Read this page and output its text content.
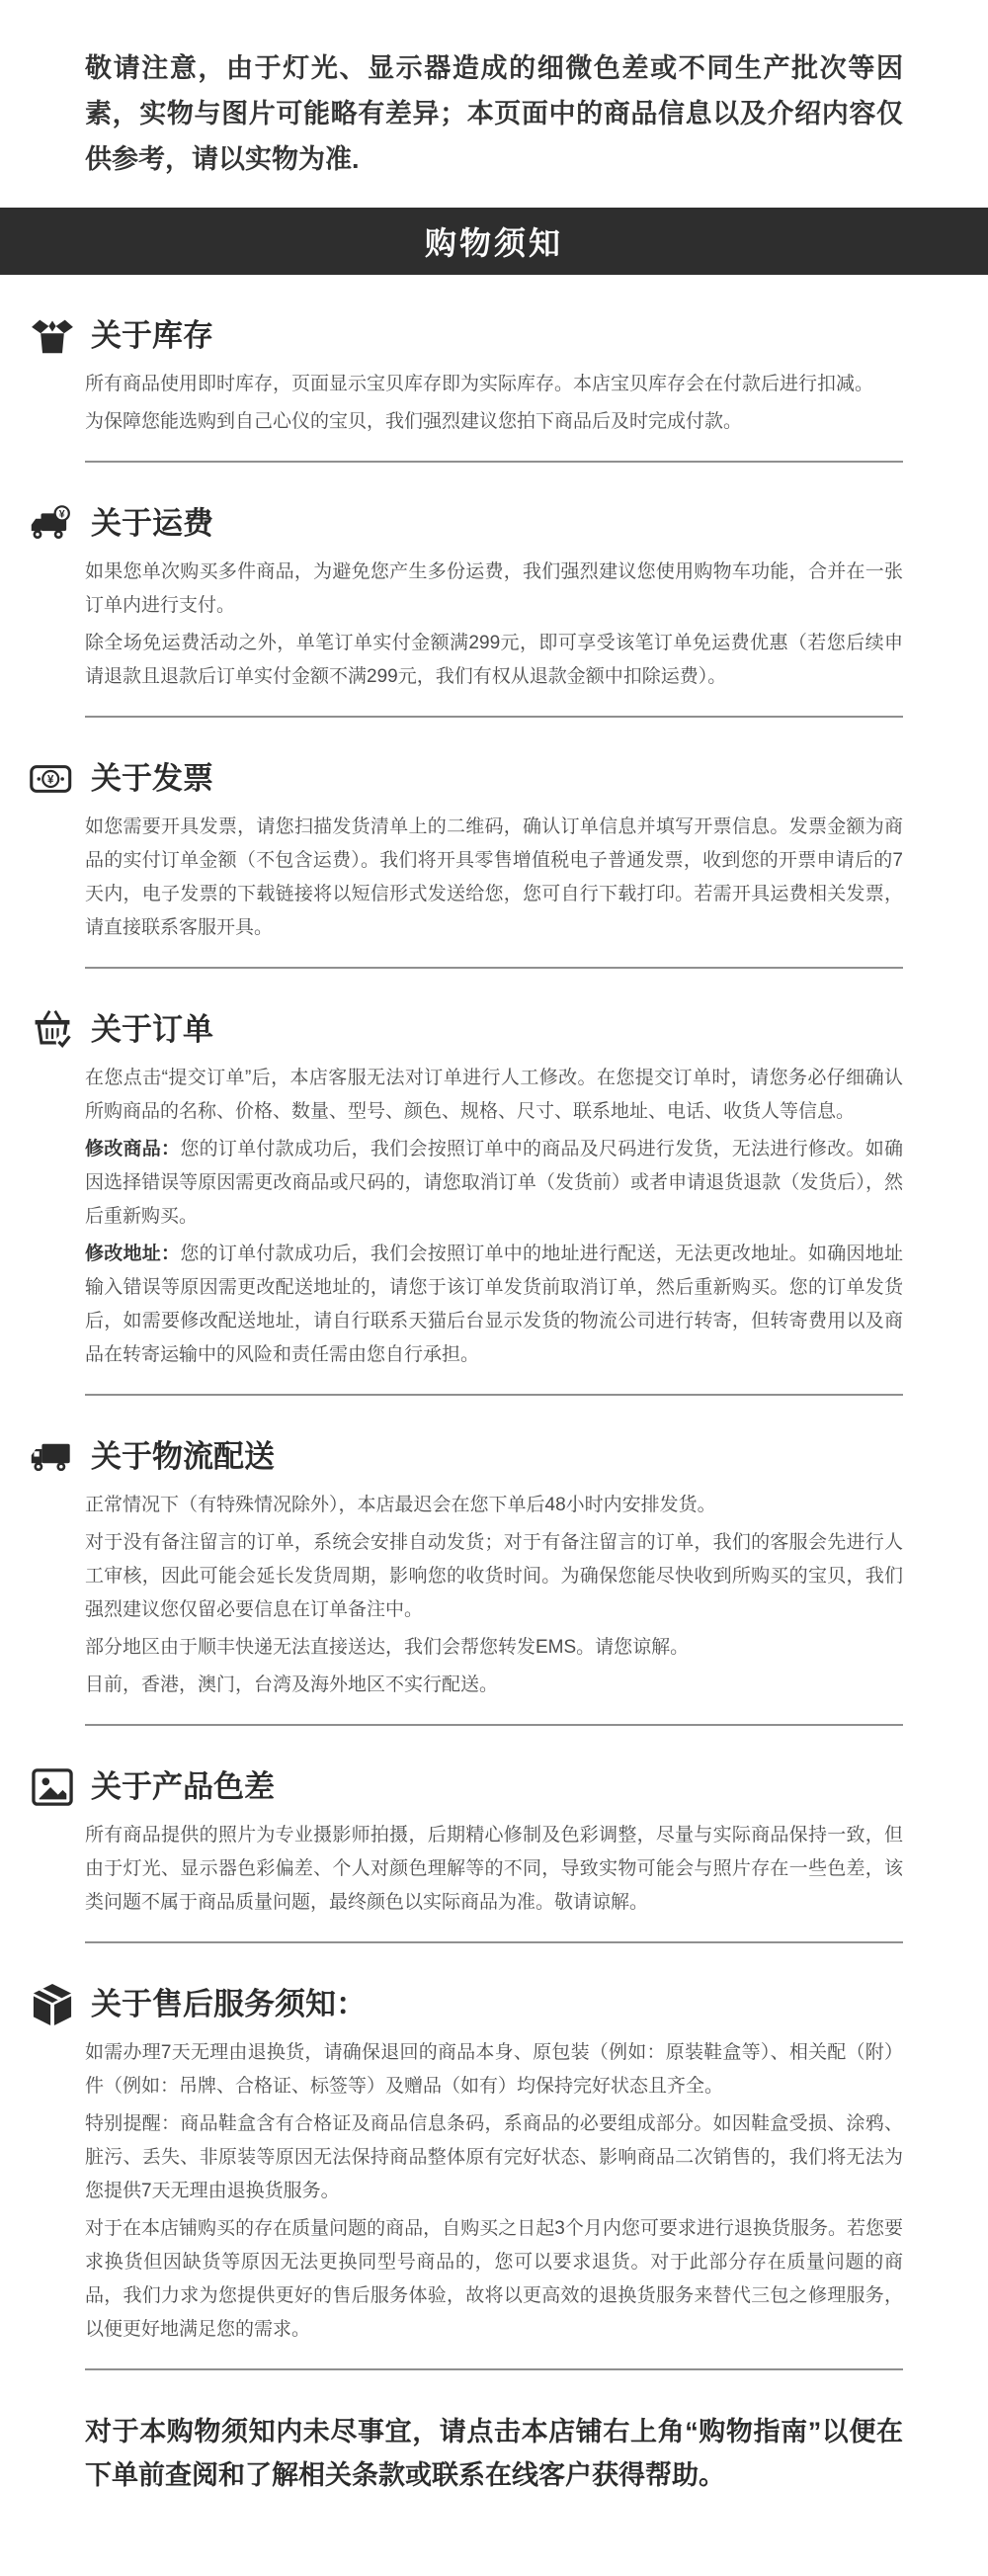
敬请注意，由于灯光、显示器造成的细微色差或不同生产批次等因素，实物与图片可能略有差异；本页面中的商品信息以及介绍内容仅供参考，请以实物为准.

购物须知
关于库存

所有商品使用即时库存，页面显示宝贝库存即为实际库存。本店宝贝库存会在付款后进行扣减。

为保障您能选购到自己心仪的宝贝，我们强烈建议您拍下商品后及时完成付款。

¥ 关于运费

如果您单次购买多件商品，为避免您产生多份运费，我们强烈建议您使用购物车功能，合并在一张订单内进行支付。

除全场免运费活动之外，单笔订单实付金额满299元，即可享受该笔订单免运费优惠（若您后续申请退款且退款后订单实付金额不满299元，我们有权从退款金额中扣除运费）。

¥ 关于发票

如您需要开具发票，请您扫描发货清单上的二维码，确认订单信息并填写开票信息。发票金额为商品的实付订单金额（不包含运费）。我们将开具零售增值税电子普通发票，收到您的开票申请后的7天内，电子发票的下载链接将以短信形式发送给您，您可自行下载打印。若需开具运费相关发票，请直接联系客服开具。

关于订单

在您点击“提交订单”后，本店客服无法对订单进行人工修改。在您提交订单时，请您务必仔细确认所购商品的名称、价格、数量、型号、颜色、规格、尺寸、联系地址、电话、收货人等信息。

修改商品：您的订单付款成功后，我们会按照订单中的商品及尺码进行发货，无法进行修改。如确因选择错误等原因需更改商品或尺码的，请您取消订单（发货前）或者申请退货退款（发货后），然后重新购买。

修改地址：您的订单付款成功后，我们会按照订单中的地址进行配送，无法更改地址。如确因地址输入错误等原因需更改配送地址的，请您于该订单发货前取消订单，然后重新购买。您的订单发货后，如需要修改配送地址，请自行联系天猫后台显示发货的物流公司进行转寄，但转寄费用以及商品在转寄运输中的风险和责任需由您自行承担。

关于物流配送

正常情况下（有特殊情况除外），本店最迟会在您下单后48小时内安排发货。

对于没有备注留言的订单，系统会安排自动发货；对于有备注留言的订单，我们的客服会先进行人工审核，因此可能会延长发货周期，影响您的收货时间。为确保您能尽快收到所购买的宝贝，我们强烈建议您仅留必要信息在订单备注中。

部分地区由于顺丰快递无法直接送达，我们会帮您转发EMS。请您谅解。

目前，香港，澳门，台湾及海外地区不实行配送。

关于产品色差

所有商品提供的照片为专业摄影师拍摄，后期精心修制及色彩调整，尽量与实际商品保持一致，但由于灯光、显示器色彩偏差、个人对颜色理解等的不同，导致实物可能会与照片存在一些色差，该类问题不属于商品质量问题，最终颜色以实际商品为准。敬请谅解。

关于售后服务须知：

如需办理7天无理由退换货，请确保退回的商品本身、原包装（例如：原装鞋盒等）、相关配（附）件（例如：吊牌、合格证、标签等）及赠品（如有）均保持完好状态且齐全。

特别提醒：商品鞋盒含有合格证及商品信息条码，系商品的必要组成部分。如因鞋盒受损、涂鸦、脏污、丢失、非原装等原因无法保持商品整体原有完好状态、影响商品二次销售的，我们将无法为您提供7天无理由退换货服务。

对于在本店铺购买的存在质量问题的商品，自购买之日起3个月内您可要求进行退换货服务。若您要求换货但因缺货等原因无法更换同型号商品的，您可以要求退货。对于此部分存在质量问题的商品，我们力求为您提供更好的售后服务体验，故将以更高效的退换货服务来替代三包之修理服务，以便更好地满足您的需求。

对于本购物须知内未尽事宜，请点击本店铺右上角“购物指南”以便在下单前查阅和了解相关条款或联系在线客户获得帮助。
